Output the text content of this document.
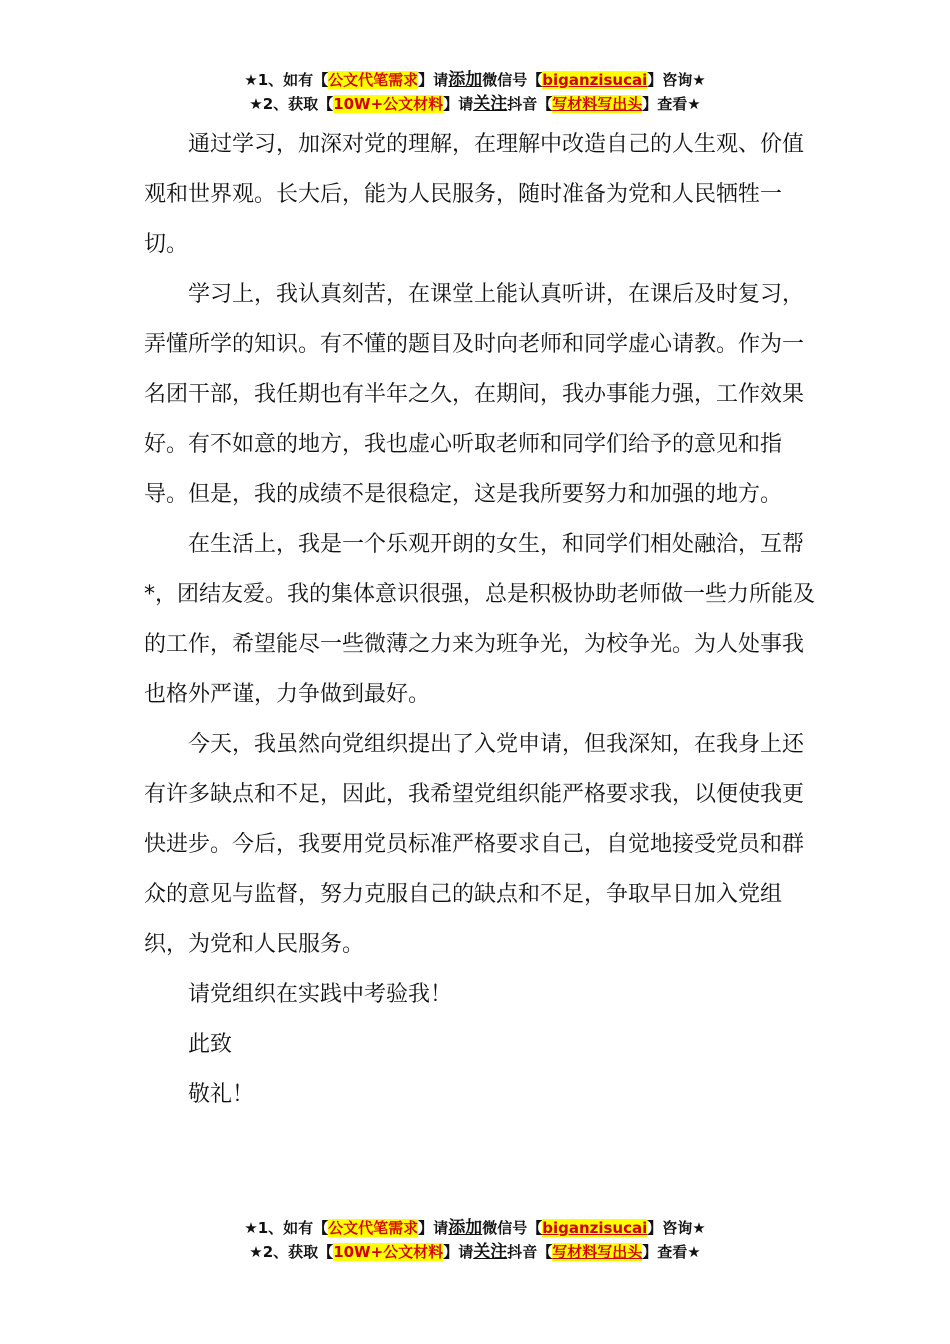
★1、如有【公文代笔需求】请添加微信号【biganzisucai】咨询★
★2、获取【10W+公文材料】请关注抖音【写材料写出头】查看★

通过学习，加深对党的理解，在理解中改造自己的人生观、价值观和世界观。长大后，能为人民服务，随时准备为党和人民牺牲一切。

学习上，我认真刻苦，在课堂上能认真听讲，在课后及时复习，弄懂所学的知识。有不懂的题目及时向老师和同学虚心请教。作为一名团干部，我任期也有半年之久，在期间，我办事能力强，工作效果好。有不如意的地方，我也虚心听取老师和同学们给予的意见和指导。但是，我的成绩不是很稳定，这是我所要努力和加强的地方。

在生活上，我是一个乐观开朗的女生，和同学们相处融洽，互帮*，团结友爱。我的集体意识很强，总是积极协助老师做一些力所能及的工作，希望能尽一些微薄之力来为班争光，为校争光。为人处事我也格外严谨，力争做到最好。

今天，我虽然向党组织提出了入党申请，但我深知，在我身上还有许多缺点和不足，因此，我希望党组织能严格要求我，以便使我更快进步。今后，我要用党员标准严格要求自己，自觉地接受党员和群众的意见与监督，努力克服自己的缺点和不足，争取早日加入党组织，为党和人民服务。

请党组织在实践中考验我！

此致

敬礼！

★1、如有【公文代笔需求】请添加微信号【biganzisucai】咨询★
★2、获取【10W+公文材料】请关注抖音【写材料写出头】查看★
